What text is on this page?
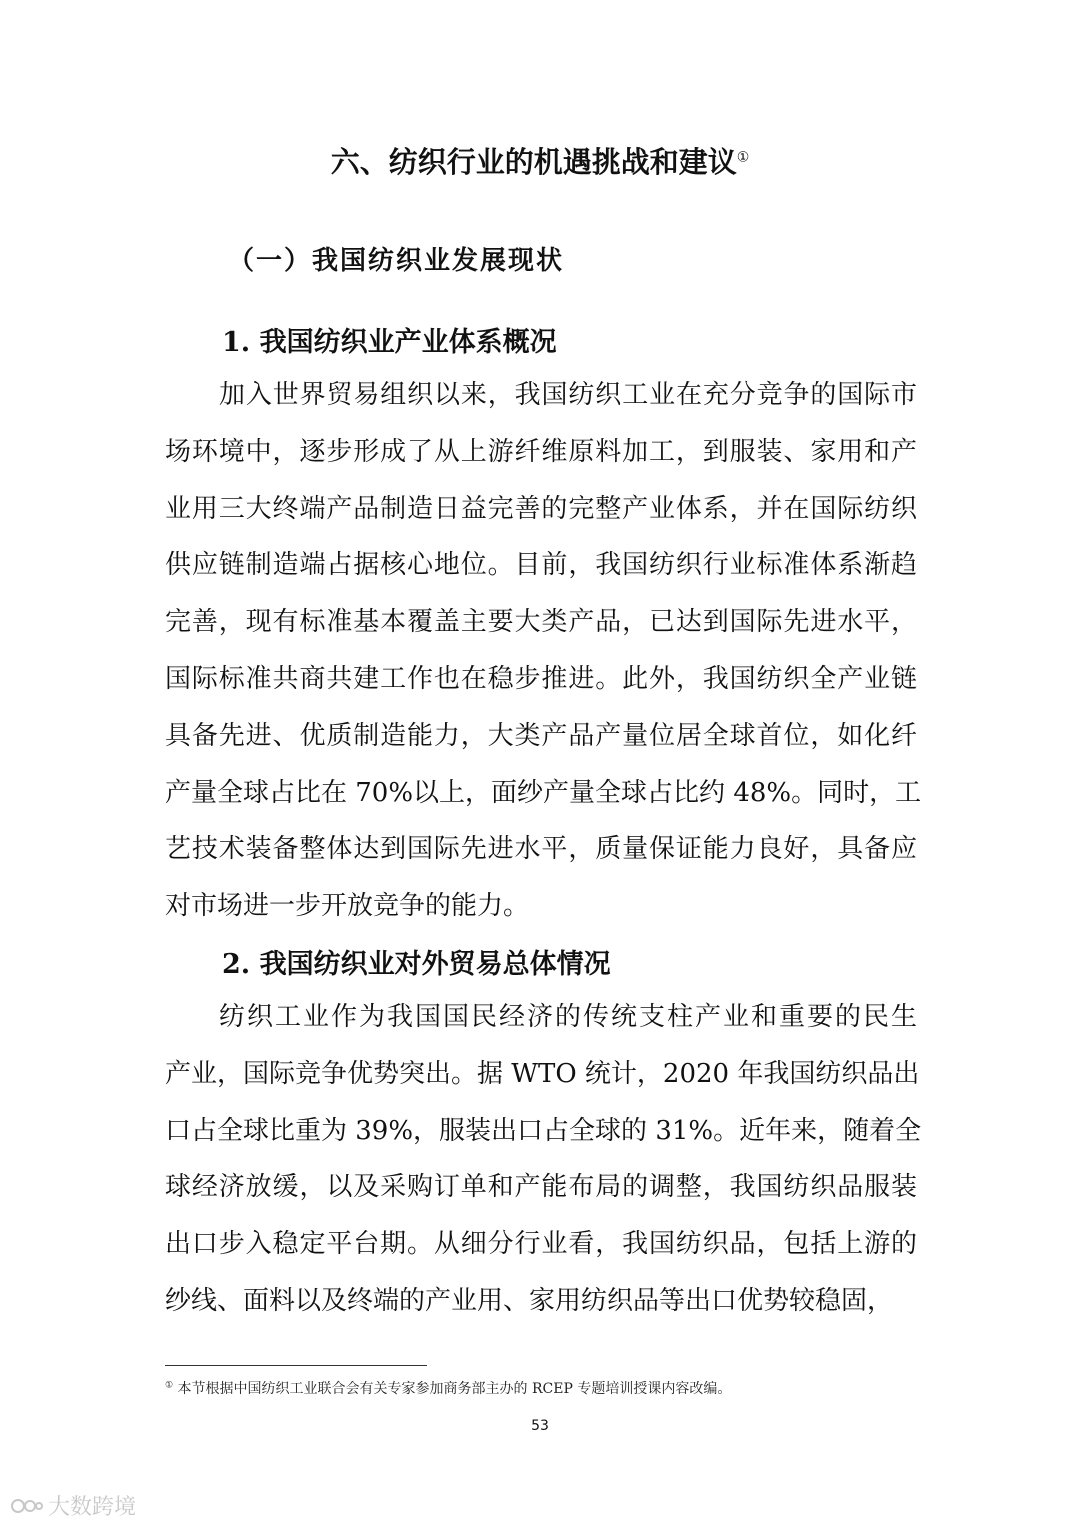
六、纺织行业的机遇挑战和建议①
（一）我国纺织业发展现状
1. 我国纺织业产业体系概况
加入世界贸易组织以来，我国纺织工业在充分竞争的国际市
场环境中，逐步形成了从上游纤维原料加工，到服装、家用和产
业用三大终端产品制造日益完善的完整产业体系，并在国际纺织
供应链制造端占据核心地位。目前，我国纺织行业标准体系渐趋
完善，现有标准基本覆盖主要大类产品，已达到国际先进水平，
国际标准共商共建工作也在稳步推进。此外，我国纺织全产业链
具备先进、优质制造能力，大类产品产量位居全球首位，如化纤
产量全球占比在 70%以上，面纱产量全球占比约 48%。同时，工
艺技术装备整体达到国际先进水平，质量保证能力良好，具备应
对市场进一步开放竞争的能力。
2. 我国纺织业对外贸易总体情况
纺织工业作为我国国民经济的传统支柱产业和重要的民生
产业，国际竞争优势突出。据 WTO 统计，2020 年我国纺织品出
口占全球比重为 39%，服装出口占全球的 31%。近年来，随着全
球经济放缓，以及采购订单和产能布局的调整，我国纺织品服装
出口步入稳定平台期。从细分行业看，我国纺织品，包括上游的
纱线、面料以及终端的产业用、家用纺织品等出口优势较稳固，
① 本节根据中国纺织工业联合会有关专家参加商务部主办的 RCEP 专题培训授课内容改编。
53
大数跨境
